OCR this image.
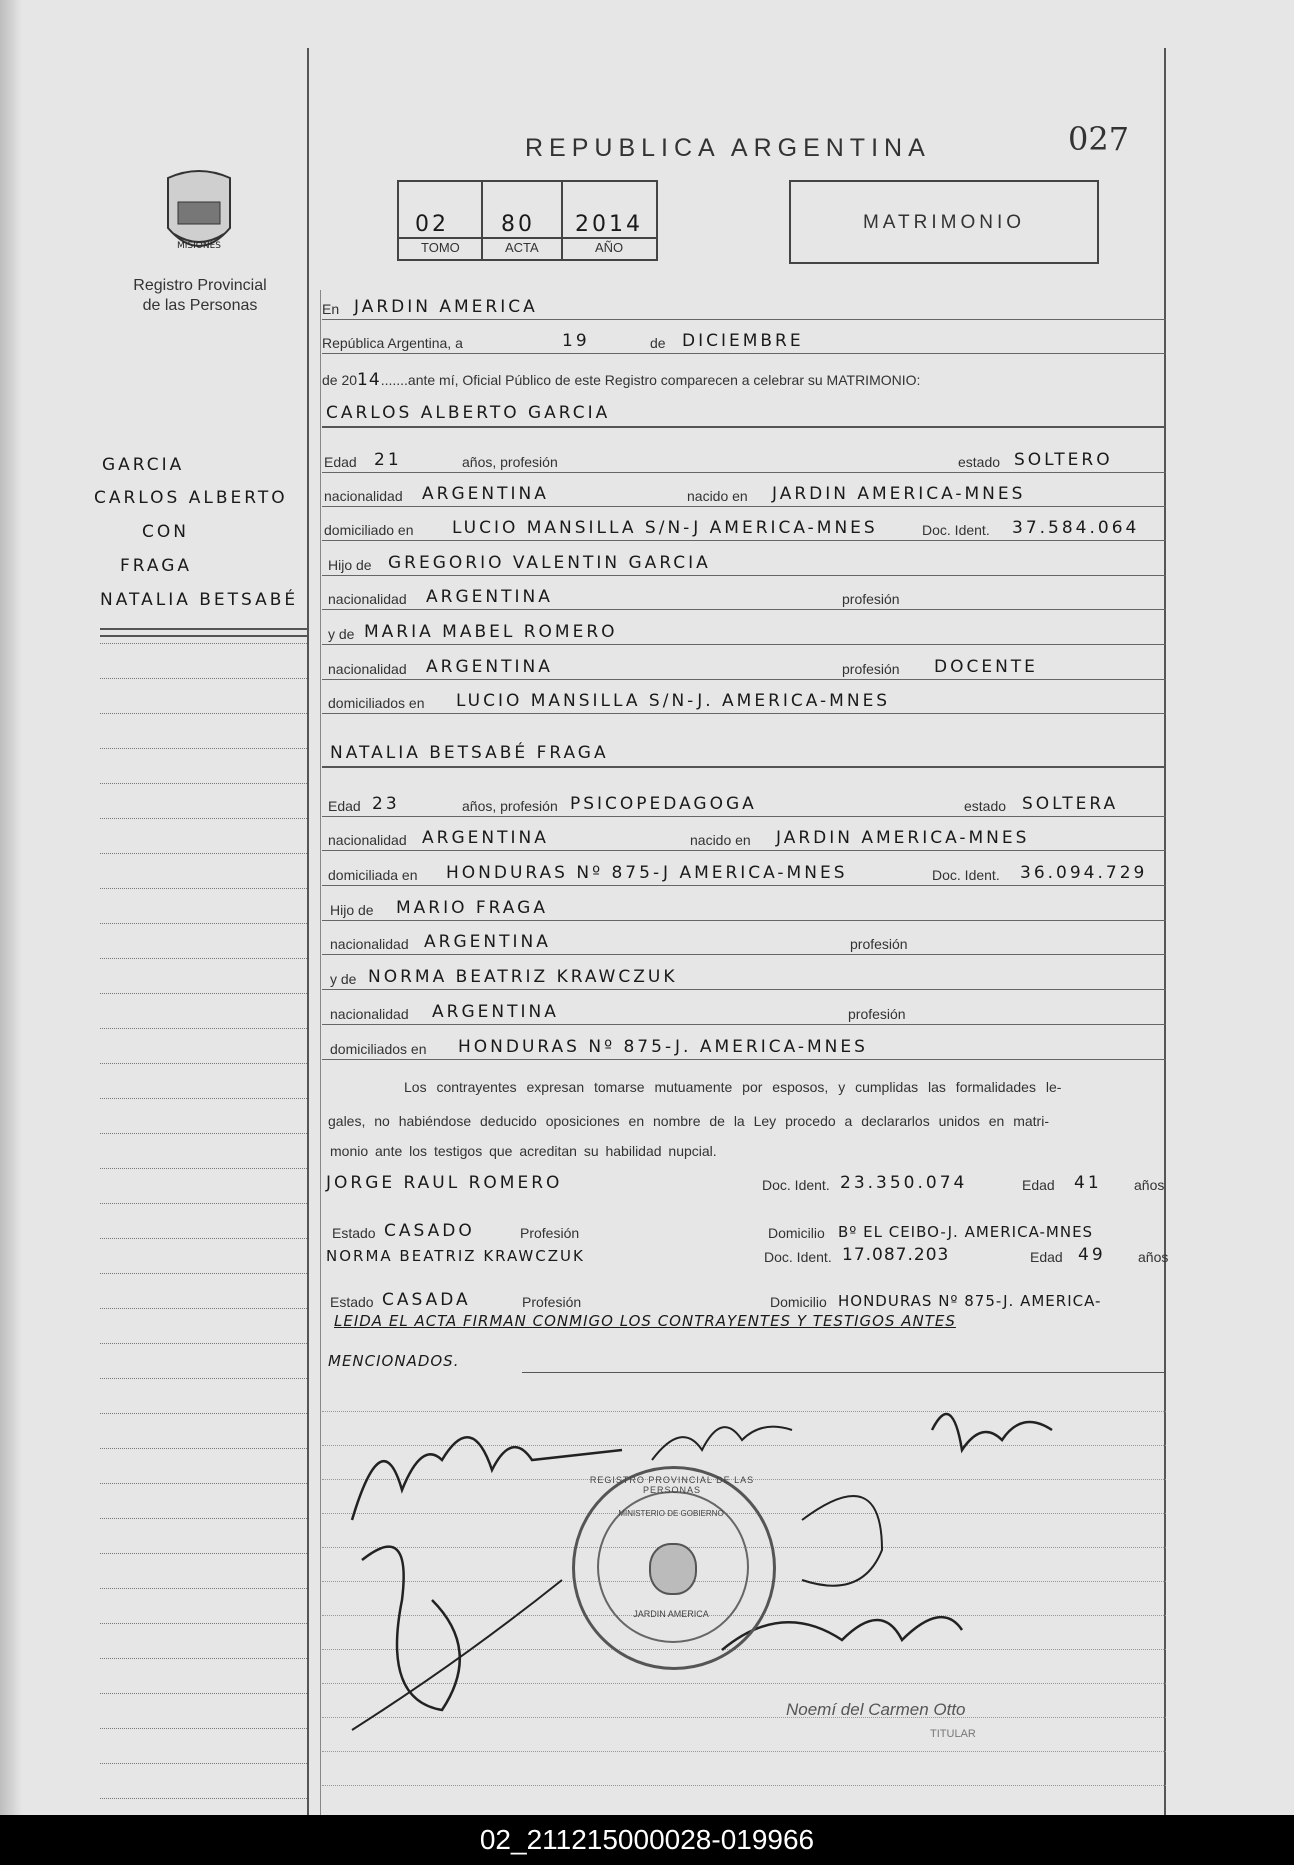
REPUBLICA ARGENTINA	027
02 80 2014
TOMO	ACTA	AÑO
MATRIMONIO
MISIONES
Registro Provincial
de las Personas
GARCIA
CARLOS ALBERTO
CON
FRAGA
NATALIA BETSABÉ
En JARDIN AMERICA
República Argentina, a	19	de DICIEMBRE
de 2014.......ante mí, Oficial Público de este Registro comparecen a celebrar su MATRIMONIO:
CARLOS ALBERTO GARCIA
Edad 21	años, profesión	estado SOLTERO
nacionalidad ARGENTINA	nacido en JARDIN AMERICA-MNES
domiciliado en LUCIO MANSILLA S/N-J AMERICA-MNES	Doc. Ident. 37.584.064
Hijo de GREGORIO VALENTIN GARCIA
nacionalidad ARGENTINA	profesión
y de MARIA MABEL ROMERO
nacionalidad ARGENTINA	profesión DOCENTE
domiciliados en LUCIO MANSILLA S/N-J. AMERICA-MNES
NATALIA BETSABÉ FRAGA
Edad 23	años, profesión PSICOPEDAGOGA	estado SOLTERA
nacionalidad ARGENTINA	nacido en JARDIN AMERICA-MNES
domiciliada en HONDURAS Nº 875-J AMERICA-MNES	Doc. Ident. 36.094.729
Hijo de MARIO FRAGA
nacionalidad ARGENTINA	profesión
y de NORMA BEATRIZ KRAWCZUK
nacionalidad ARGENTINA	profesión
domiciliados en HONDURAS Nº 875-J. AMERICA-MNES
Los contrayentes expresan tomarse mutuamente por esposos, y cumplidas las formalidades le-
gales, no habiéndose deducido oposiciones en nombre de la Ley procedo a declararlos unidos en matri-
monio ante los testigos que acreditan su habilidad nupcial.
JORGE RAUL ROMERO	Doc. Ident. 23.350.074	Edad 41 años
Estado CASADO	Profesión	Domicilio Bº EL CEIBO-J. AMERICA-MNES
NORMA BEATRIZ KRAWCZUK	Doc. Ident. 17.087.203	Edad 49 años
Estado CASADA	Profesión	Domicilio HONDURAS Nº 875-J. AMERICA-
LEIDA EL ACTA FIRMAN CONMIGO LOS CONTRAYENTES Y TESTIGOS ANTES
MENCIONADOS.
REGISTRO PROVINCIAL DE LAS PERSONAS
MINISTERIO DE GOBIERNO
JARDIN AMERICA
Noemí del Carmen Otto
TITULAR
02_211215000028-019966
